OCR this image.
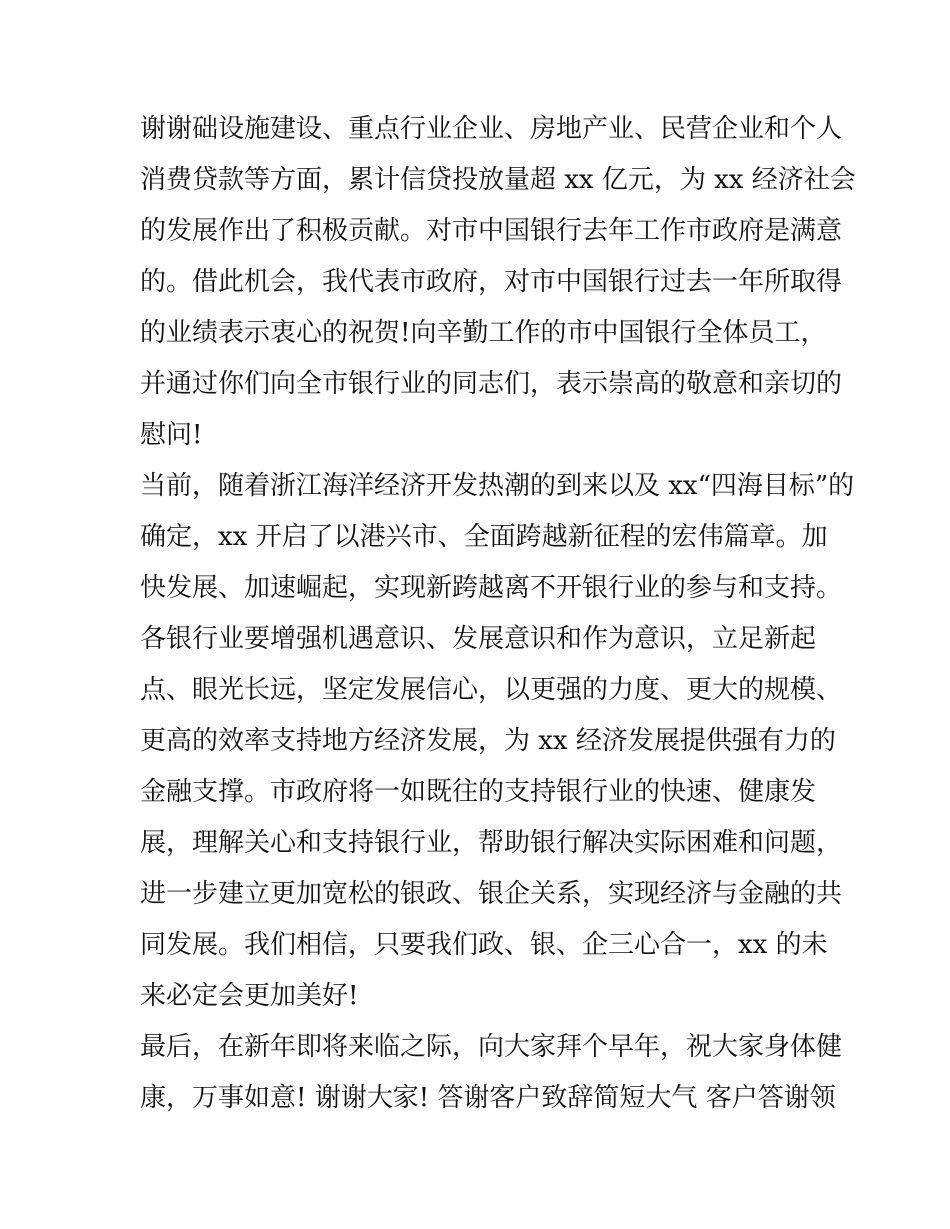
谢谢础设施建设、重点行业企业、房地产业、民营企业和个人
消费贷款等方面，累计信贷投放量超 xx 亿元，为 xx 经济社会
的发展作出了积极贡献。对市中国银行去年工作市政府是满意
的。借此机会，我代表市政府，对市中国银行过去一年所取得
的业绩表示衷心的祝贺!向辛勤工作的市中国银行全体员工，
并通过你们向全市银行业的同志们，表示崇高的敬意和亲切的
慰问!
当前，随着浙江海洋经济开发热潮的到来以及 xx“四海目标”的
确定，xx 开启了以港兴市、全面跨越新征程的宏伟篇章。加
快发展、加速崛起，实现新跨越离不开银行业的参与和支持。
各银行业要增强机遇意识、发展意识和作为意识，立足新起
点、眼光长远，坚定发展信心，以更强的力度、更大的规模、
更高的效率支持地方经济发展，为 xx 经济发展提供强有力的
金融支撑。市政府将一如既往的支持银行业的快速、健康发
展，理解关心和支持银行业，帮助银行解决实际困难和问题，
进一步建立更加宽松的银政、银企关系，实现经济与金融的共
同发展。我们相信，只要我们政、银、企三心合一，xx 的未
来必定会更加美好!
最后，在新年即将来临之际，向大家拜个早年，祝大家身体健
康，万事如意! 谢谢大家! 答谢客户致辞简短大气 客户答谢领
